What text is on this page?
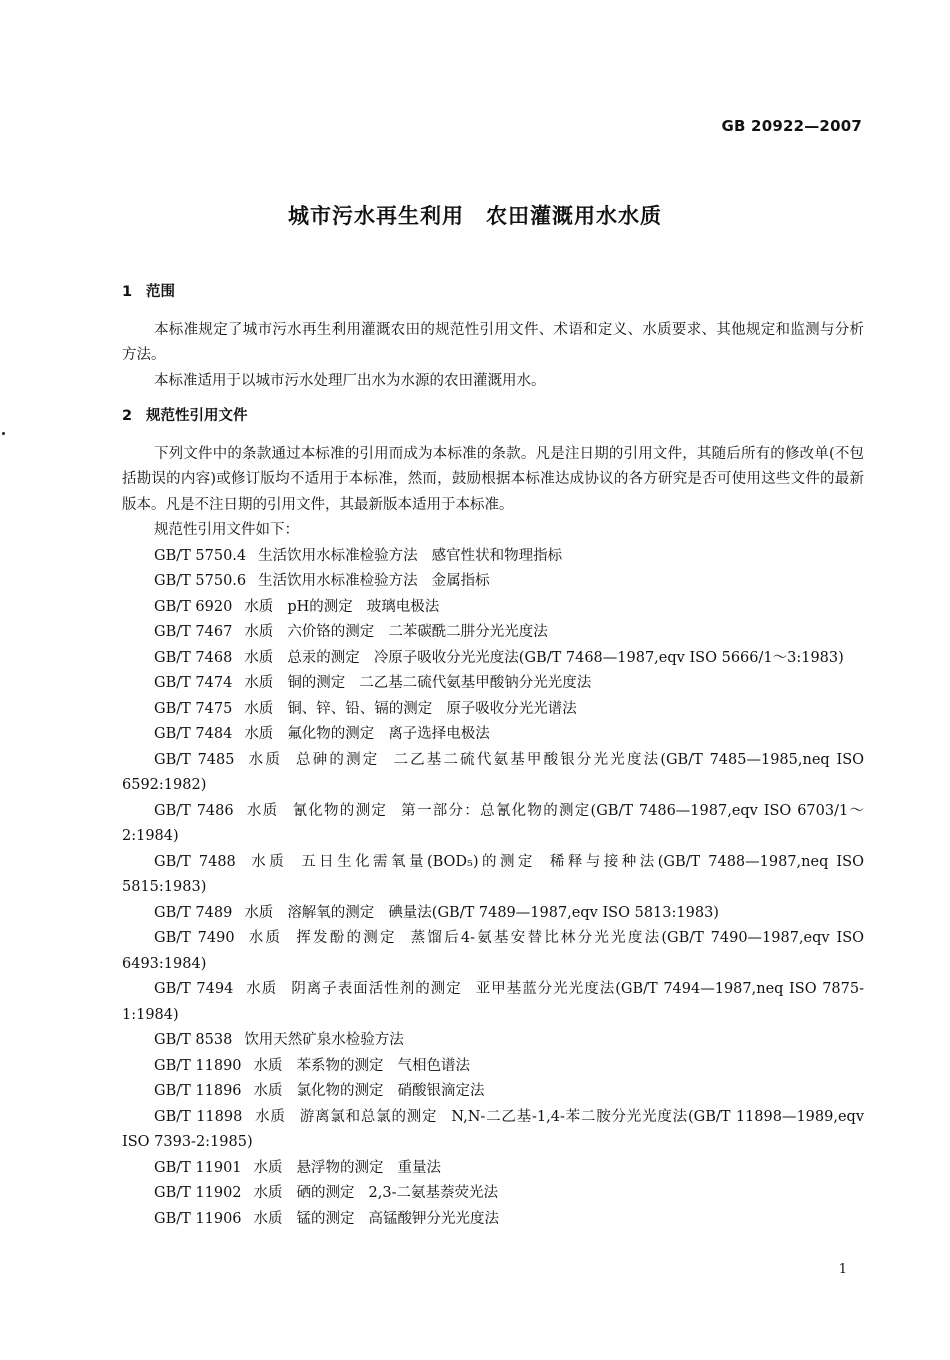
GB 20922—2007
城市污水再生利用　农田灌溉用水水质
1 范围

本标准规定了城市污水再生利用灌溉农田的规范性引用文件、术语和定义、水质要求、其他规定和监测与分析方法。

本标准适用于以城市污水处理厂出水为水源的农田灌溉用水。

2 规范性引用文件

下列文件中的条款通过本标准的引用而成为本标准的条款。凡是注日期的引用文件，其随后所有的修改单(不包括勘误的内容)或修订版均不适用于本标准，然而，鼓励根据本标准达成协议的各方研究是否可使用这些文件的最新版本。凡是不注日期的引用文件，其最新版本适用于本标准。

规范性引用文件如下：

GB/T 5750.4 生活饮用水标准检验方法 感官性状和物理指标
GB/T 5750.6 生活饮用水标准检验方法 金属指标
GB/T 6920 水质 pH的测定 玻璃电极法
GB/T 7467 水质 六价铬的测定 二苯碳酰二肼分光光度法
GB/T 7468 水质 总汞的测定 冷原子吸收分光光度法(GB/T 7468—1987,eqv ISO 5666/1～3:1983)
GB/T 7474 水质 铜的测定 二乙基二硫代氨基甲酸钠分光光度法
GB/T 7475 水质 铜、锌、铅、镉的测定 原子吸收分光光谱法
GB/T 7484 水质 氟化物的测定 离子选择电极法
GB/T 7485 水质 总砷的测定 二乙基二硫代氨基甲酸银分光光度法(GB/T 7485—1985,neq ISO 6592:1982)
GB/T 7486 水质 氰化物的测定 第一部分：总氰化物的测定(GB/T 7486—1987,eqv ISO 6703/1～2:1984)
GB/T 7488 水质 五日生化需氧量(BOD₅)的测定 稀释与接种法(GB/T 7488—1987,neq ISO 5815:1983)
GB/T 7489 水质 溶解氧的测定 碘量法(GB/T 7489—1987,eqv ISO 5813:1983)
GB/T 7490 水质 挥发酚的测定 蒸馏后4-氨基安替比林分光光度法(GB/T 7490—1987,eqv ISO 6493:1984)
GB/T 7494 水质 阴离子表面活性剂的测定 亚甲基蓝分光光度法(GB/T 7494—1987,neq ISO 7875-1:1984)
GB/T 8538 饮用天然矿泉水检验方法
GB/T 11890 水质 苯系物的测定 气相色谱法
GB/T 11896 水质 氯化物的测定 硝酸银滴定法
GB/T 11898 水质 游离氯和总氯的测定 N,N-二乙基-1,4-苯二胺分光光度法(GB/T 11898—1989,eqv ISO 7393-2:1985)
GB/T 11901 水质 悬浮物的测定 重量法
GB/T 11902 水质 硒的测定 2,3-二氨基萘荧光法
GB/T 11906 水质 锰的测定 高锰酸钾分光光度法
1
